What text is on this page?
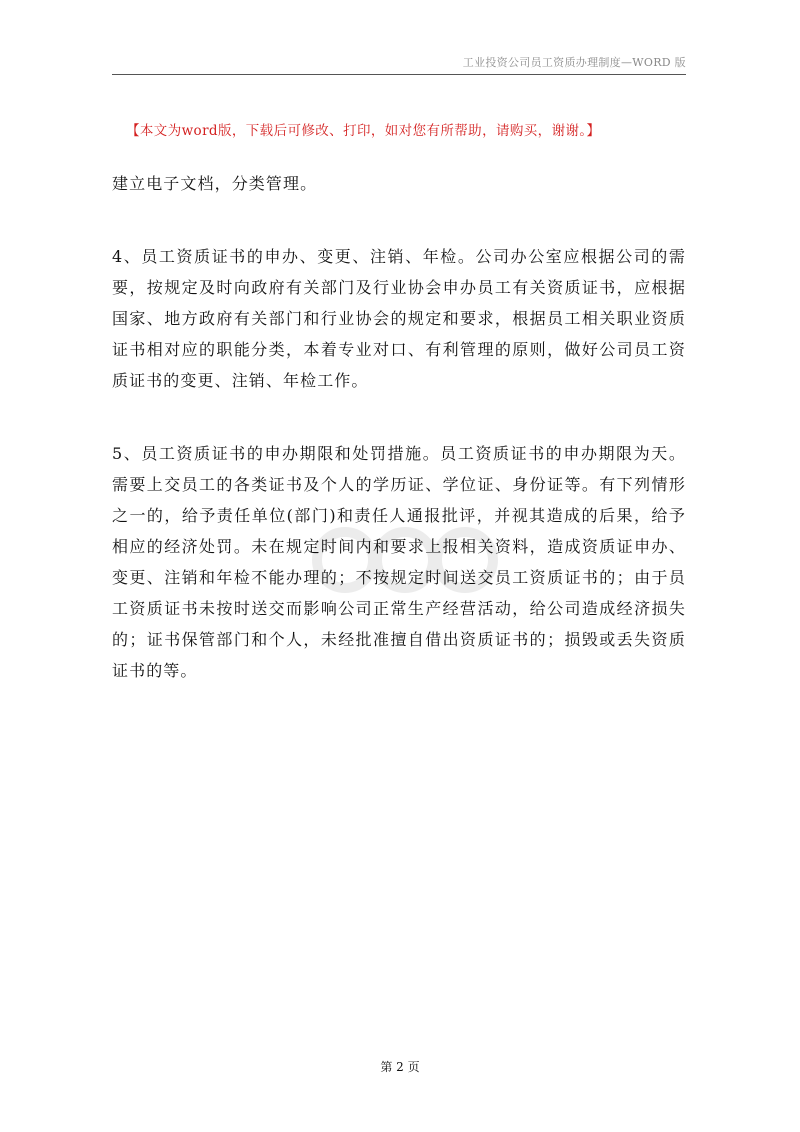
工业投资公司员工资质办理制度—WORD 版
【本文为word版，下载后可修改、打印，如对您有所帮助，请购买，谢谢。】

建立电子文档，分类管理。

4、员工资质证书的申办、变更、注销、年检。公司办公室应根据公司的需要，按规定及时向政府有关部门及行业协会申办员工有关资质证书，应根据国家、地方政府有关部门和行业协会的规定和要求，根据员工相关职业资质证书相对应的职能分类，本着专业对口、有利管理的原则，做好公司员工资质证书的变更、注销、年检工作。

5、员工资质证书的申办期限和处罚措施。员工资质证书的申办期限为天。需要上交员工的各类证书及个人的学历证、学位证、身份证等。有下列情形之一的，给予责任单位(部门)和责任人通报批评，并视其造成的后果，给予相应的经济处罚。未在规定时间内和要求上报相关资料，造成资质证申办、变更、注销和年检不能办理的；不按规定时间送交员工资质证书的；由于员工资质证书未按时送交而影响公司正常生产经营活动，给公司造成经济损失的；证书保管部门和个人，未经批准擅自借出资质证书的；损毁或丢失资质证书的等。

第 2 页
